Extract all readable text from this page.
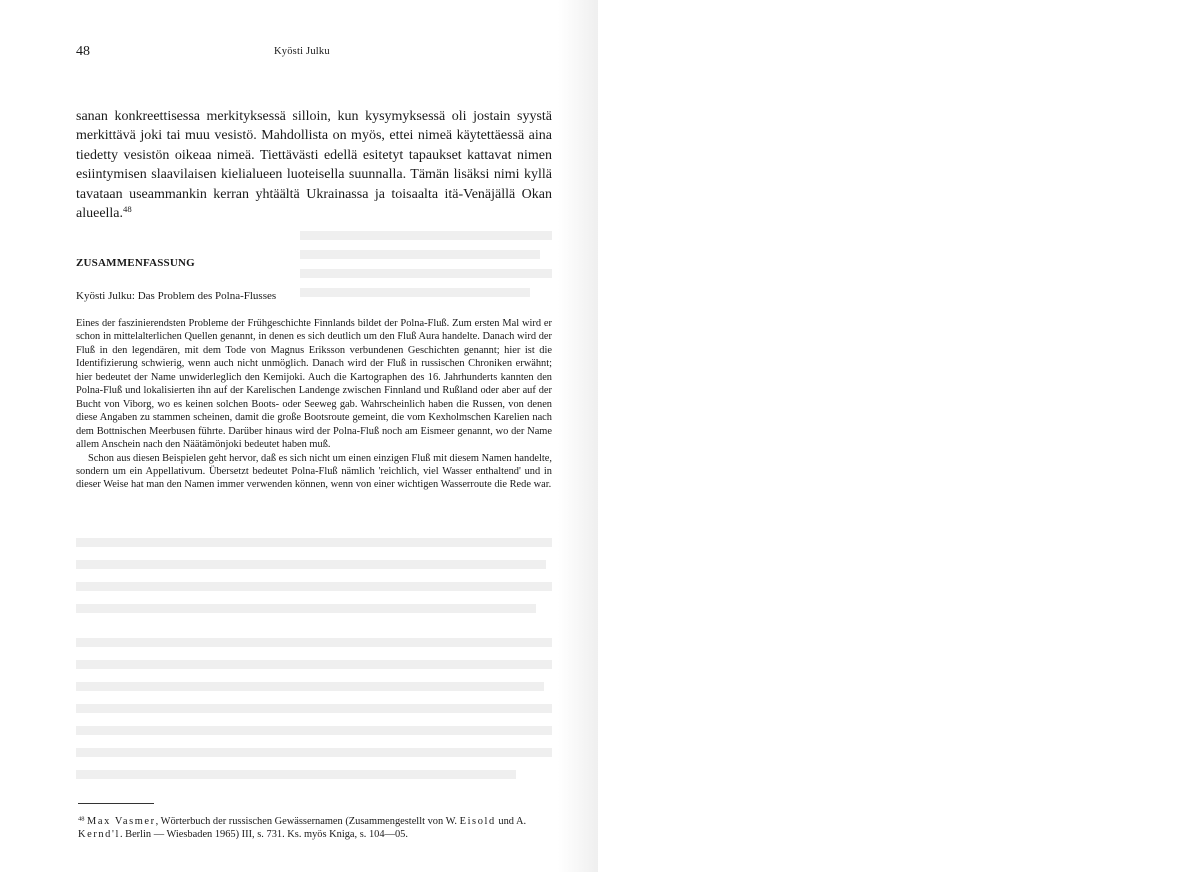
48	Kyösti Julku

sanan konkreettisessa merkityksessä silloin, kun kysymyksessä oli jostain syystä merkittävä joki tai muu vesistö. Mahdollista on myös, ettei nimeä käytettäessä aina tiedetty vesistön oikeaa nimeä. Tiettävästi edellä esitetyt tapaukset kattavat nimen esiintymisen slaavilaisen kielialueen luoteisella suunnalla. Tämän lisäksi nimi kyllä tavataan useammankin kerran yhtäältä Ukrainassa ja toisaalta itä-Venäjällä Okan alueella.$^{48}$

ZUSAMMENFASSUNG

Kyösti Julku: Das Problem des Polna-Flusses

Eines der faszinierendsten Probleme der Frühgeschichte Finnlands bildet der Polna-Fluß. Zum ersten Mal wird er schon in mittelalterlichen Quellen genannt, in denen es sich deutlich um den Fluß Aura handelte. Danach wird der Fluß in den legendären, mit dem Tode von Magnus Eriksson verbundenen Geschichten genannt; hier ist die Identifizierung schwierig, wenn auch nicht unmöglich. Danach wird der Fluß in russischen Chroniken erwähnt; hier bedeutet der Name unwiderleglich den Kemijoki. Auch die Kartographen des 16. Jahrhunderts kannten den Polna-Fluß und lokalisierten ihn auf der Karelischen Landenge zwischen Finnland und Rußland oder aber auf der Bucht von Viborg, wo es keinen solchen Boots- oder Seeweg gab. Wahrscheinlich haben die Russen, von denen diese Angaben zu stammen scheinen, damit die große Bootsroute gemeint, die vom Kexholmschen Karelien nach dem Bottnischen Meerbusen führte. Darüber hinaus wird der Polna-Fluß noch am Eismeer genannt, wo der Name allem Anschein nach den Näätämönjoki bedeutet haben muß.

Schon aus diesen Beispielen geht hervor, daß es sich nicht um einen einzigen Fluß mit diesem Namen handelte, sondern um ein Appellativum. Übersetzt bedeutet Polna-Fluß nämlich 'reichlich, viel Wasser enthaltend' und in dieser Weise hat man den Namen immer verwenden können, wenn von einer wichtigen Wasserroute die Rede war.

$^{48}$ Max Vasmer, Wörterbuch der russischen Gewässernamen (Zusammengestellt von W. Eisold und A. Kernd'l. Berlin — Wiesbaden 1965) III, s. 731. Ks. myös Kniga, s. 104—05.
